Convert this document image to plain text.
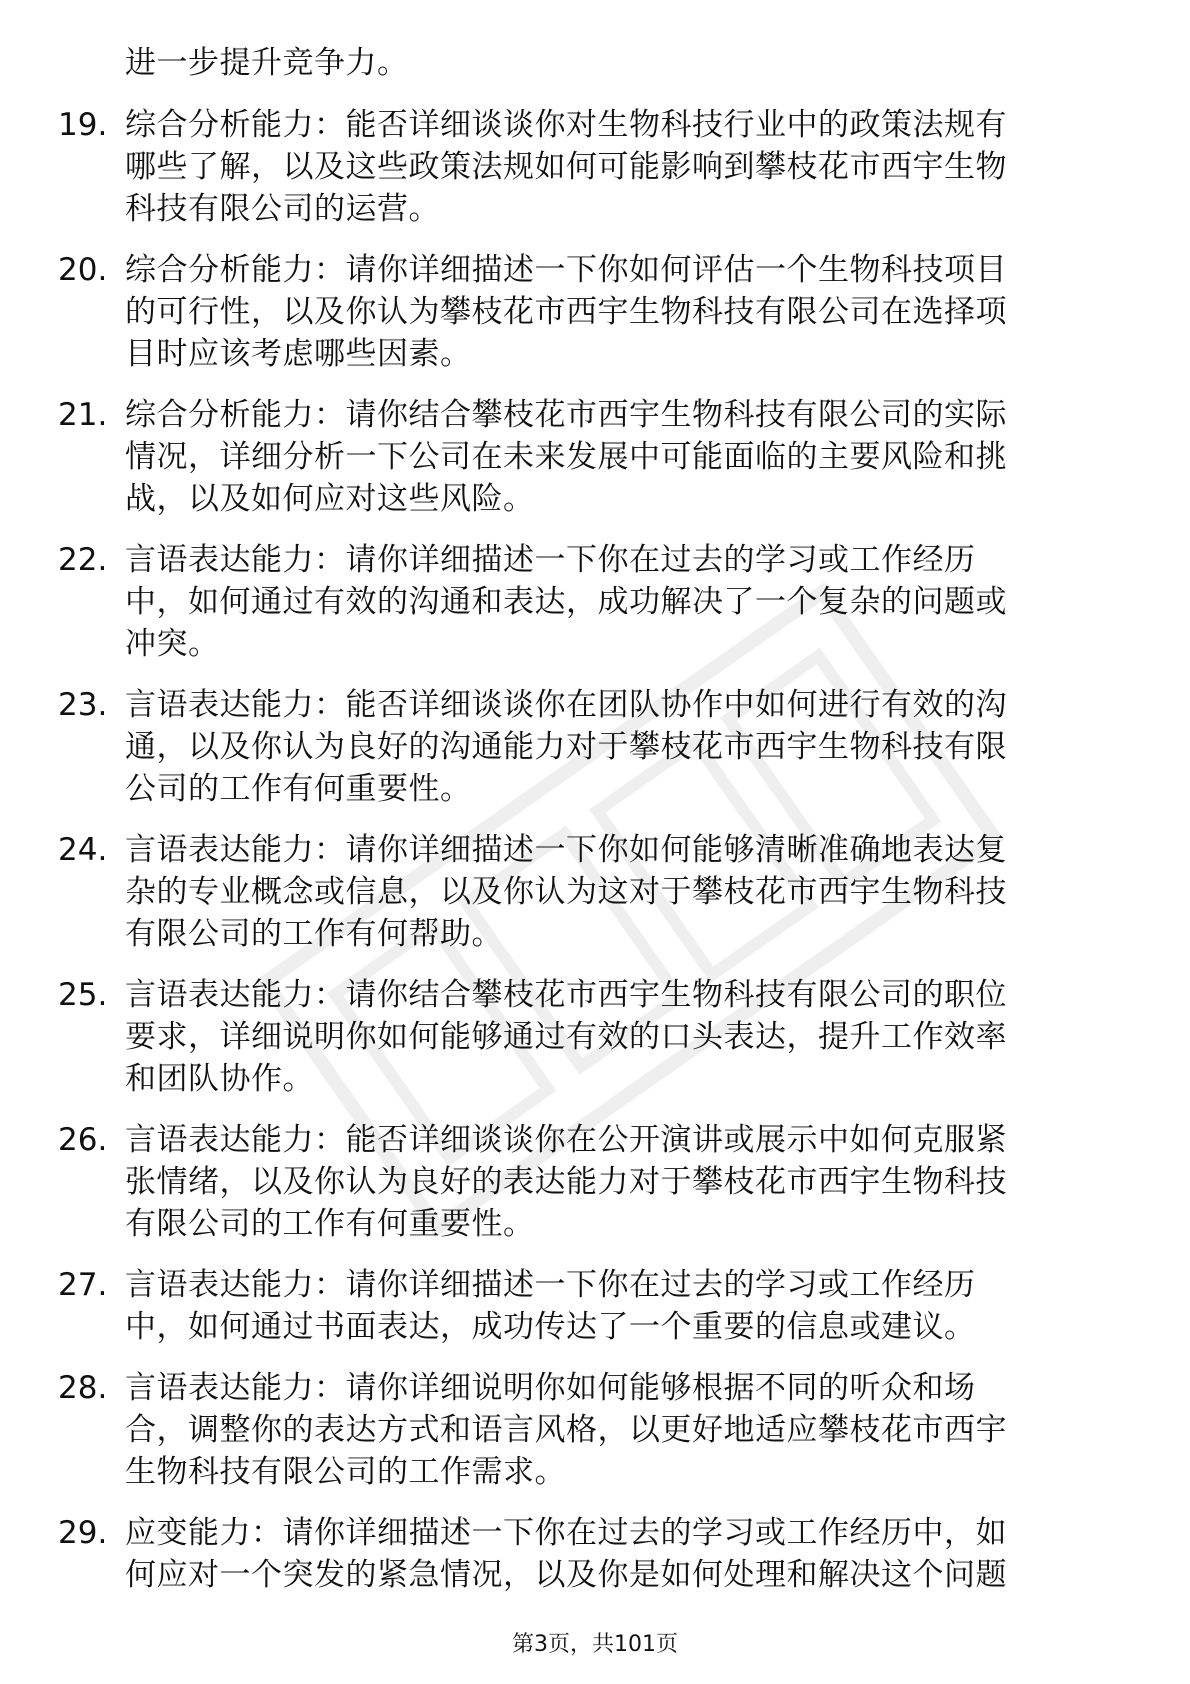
进一步提升竞争力。

19. 综合分析能力：能否详细谈谈你对生物科技行业中的政策法规有
哪些了解，以及这些政策法规如何可能影响到攀枝花市西宇生物
科技有限公司的运营。
20. 综合分析能力：请你详细描述一下你如何评估一个生物科技项目
的可行性，以及你认为攀枝花市西宇生物科技有限公司在选择项
目时应该考虑哪些因素。
21. 综合分析能力：请你结合攀枝花市西宇生物科技有限公司的实际
情况，详细分析一下公司在未来发展中可能面临的主要风险和挑
战，以及如何应对这些风险。
22. 言语表达能力：请你详细描述一下你在过去的学习或工作经历
中，如何通过有效的沟通和表达，成功解决了一个复杂的问题或
冲突。
23. 言语表达能力：能否详细谈谈你在团队协作中如何进行有效的沟
通，以及你认为良好的沟通能力对于攀枝花市西宇生物科技有限
公司的工作有何重要性。
24. 言语表达能力：请你详细描述一下你如何能够清晰准确地表达复
杂的专业概念或信息，以及你认为这对于攀枝花市西宇生物科技
有限公司的工作有何帮助。
25. 言语表达能力：请你结合攀枝花市西宇生物科技有限公司的职位
要求，详细说明你如何能够通过有效的口头表达，提升工作效率
和团队协作。
26. 言语表达能力：能否详细谈谈你在公开演讲或展示中如何克服紧
张情绪，以及你认为良好的表达能力对于攀枝花市西宇生物科技
有限公司的工作有何重要性。
27. 言语表达能力：请你详细描述一下你在过去的学习或工作经历
中，如何通过书面表达，成功传达了一个重要的信息或建议。
28. 言语表达能力：请你详细说明你如何能够根据不同的听众和场
合，调整你的表达方式和语言风格，以更好地适应攀枝花市西宇
生物科技有限公司的工作需求。
29. 应变能力：请你详细描述一下你在过去的学习或工作经历中，如
何应对一个突发的紧急情况，以及你是如何处理和解决这个问题
第3页，共101页
